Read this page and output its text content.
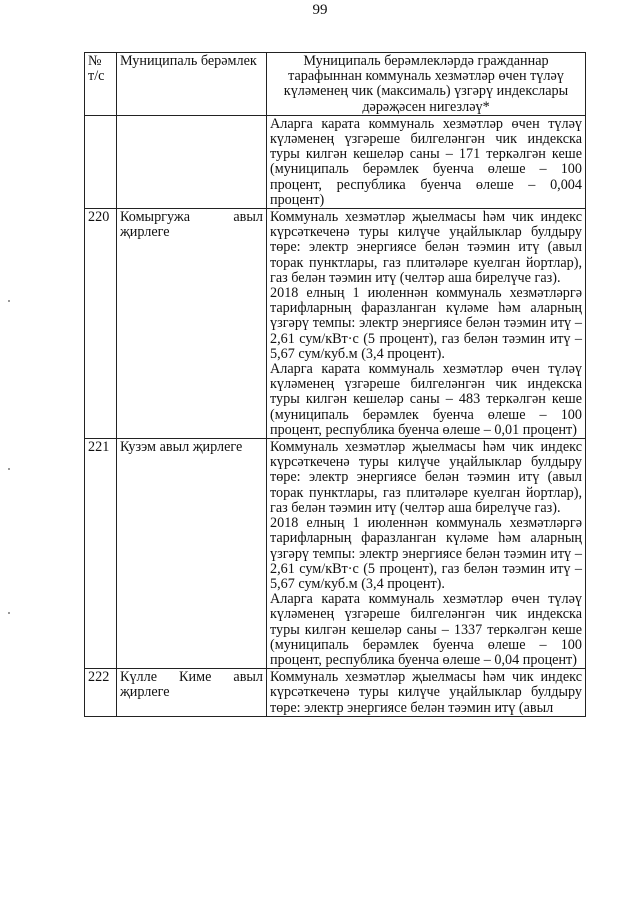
99
№ т/с	Муниципаль берәмлек	Муниципаль берәмлекләрдә гражданнар тарафыннан коммуналь хезмәтләр өчен түләү күләменең чик (максималь) үзгәрү индекслары дәрәҗәсен нигезләү*

		Аларга карата коммуналь хезмәтләр өчен түләү күләменең үзгәреше билгеләнгән чик индекска туры килгән кешеләр саны – 171 теркәлгән кеше (муниципаль берәмлек буенча өлеше – 100 процент, республика буенча өлеше – 0,004 процент)

220	Комыргужа авыл җирлеге	Коммуналь хезмәтләр җыелмасы һәм чик индекс күрсәткеченә туры килүче уңайлыклар булдыру төре: электр энергиясе белән тәэмин итү (авыл торак пунктлары, газ плитәләре куелган йортлар), газ белән тәэмин итү (челтәр аша бирелүче газ).
2018 елның 1 июленнән коммуналь хезмәтләргә тарифларның фаразланган күләме һәм аларның үзгәрү темпы: электр энергиясе белән тәэмин итү – 2,61 сум/кВт·с (5 процент), газ белән тәэмин итү – 5,67 сум/куб.м (3,4 процент).
Аларга карата коммуналь хезмәтләр өчен түләү күләменең үзгәреше билгеләнгән чик индекска туры килгән кешеләр саны – 483 теркәлгән кеше (муниципаль берәмлек буенча өлеше – 100 процент, республика буенча өлеше – 0,01 процент)

221	Кузэм авыл җирлеге	Коммуналь хезмәтләр җыелмасы һәм чик индекс күрсәткеченә туры килүче уңайлыклар булдыру төре: электр энергиясе белән тәэмин итү (авыл торак пунктлары, газ плитәләре куелган йортлар), газ белән тәэмин итү (челтәр аша бирелүче газ).
2018 елның 1 июленнән коммуналь хезмәтләргә тарифларның фаразланган күләме һәм аларның үзгәрү темпы: электр энергиясе белән тәэмин итү – 2,61 сум/кВт·с (5 процент), газ белән тәэмин итү – 5,67 сум/куб.м (3,4 процент).
Аларга карата коммуналь хезмәтләр өчен түләү күләменең үзгәреше билгеләнгән чик индекска туры килгән кешеләр саны – 1337 теркәлгән кеше (муниципаль берәмлек буенча өлеше – 100 процент, республика буенча өлеше – 0,04 процент)

222	Күлле Киме авыл җирлеге	Коммуналь хезмәтләр җыелмасы һәм чик индекс күрсәткеченә туры килүче уңайлыклар булдыру төре: электр энергиясе белән тәэмин итү (авыл
